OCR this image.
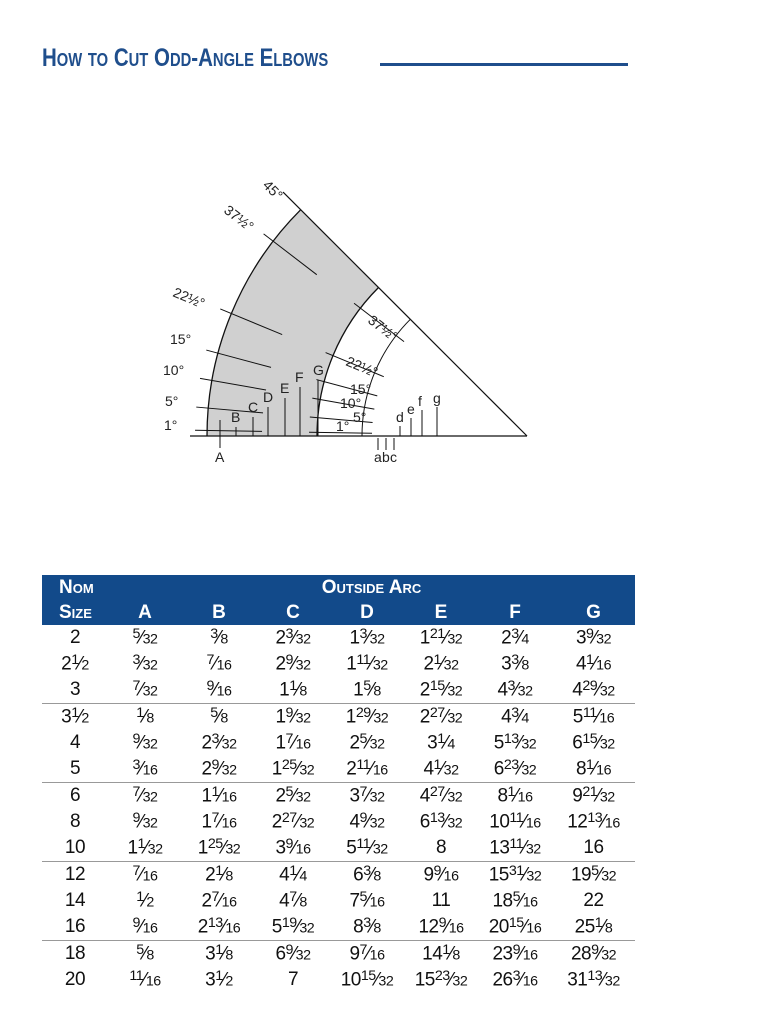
How to Cut Odd-Angle Elbows
45°
37½°
22½°
15°
10°
5°
1°
A
B
C
D
E
F G
37½°
22½°
15°
10°
5°
1°
a b c
d e f g
Nom	Outside Arc						
Size	A	B	C	D	E	F	G
2	$^5$⁄32	$^3$⁄8	$2^3⁄32$	$1^3⁄32$	$1^{21}⁄32$	$2^3⁄4$	$3^9⁄32$
$2^1⁄2$	$^3$⁄32	$^7$⁄16	$2^9⁄32$	$1^{11}⁄32$	$2^1⁄32$	$3^3⁄8$	$4^1⁄16$
3	$^7$⁄32	$^9$⁄16	$1^1⁄8$	$1^5⁄8$	$2^{15}⁄32$	$4^3⁄32$	$4^{29}⁄32$
$3^1⁄2$	$^1$⁄8	$^5$⁄8	$1^9⁄32$	$1^{29}⁄32$	$2^{27}⁄32$	$4^3⁄4$	$5^{11}⁄16$
4	$^9$⁄32	$2^3⁄32$	$1^7⁄16$	$2^5⁄32$	$3^1⁄4$	$5^{13}⁄32$	$6^{15}⁄32$
5	$^3$⁄16	$2^9⁄32$	$1^{25}⁄32$	$2^{11}⁄16$	$4^1⁄32$	$6^{23}⁄32$	$8^1⁄16$
6	$^7$⁄32	$1^1⁄16$	$2^5⁄32$	$3^7⁄32$	$4^{27}⁄32$	$8^1⁄16$	$9^{21}⁄32$
8	$^9$⁄32	$1^7⁄16$	$2^{27}⁄32$	$4^9⁄32$	$6^{13}⁄32$	$10^{11}⁄16$	$12^{13}⁄16$
10	$1^1⁄32$	$1^{25}⁄32$	$3^9⁄16$	$5^{11}⁄32$	8	$13^{11}⁄32$	16
12	$^7$⁄16	$2^1⁄8$	$4^1⁄4$	$6^3⁄8$	$9^9⁄16$	$15^{31}⁄32$	$19^5⁄32$
14	$^1$⁄2	$2^7⁄16$	$4^7⁄8$	$7^5⁄16$	11	$18^5⁄16$	22
16	$^9$⁄16	$2^{13}⁄16$	$5^{19}⁄32$	$8^3⁄8$	$12^9⁄16$	$20^{15}⁄16$	$25^1⁄8$
18	$^5$⁄8	$3^1⁄8$	$6^9⁄32$	$9^7⁄16$	$14^1⁄8$	$23^9⁄16$	$28^9⁄32$
20	$^{11}$⁄16	$3^1⁄2$	7	$10^{15}⁄32$	$15^{23}⁄32$	$26^3⁄16$	$31^{13}⁄32$
